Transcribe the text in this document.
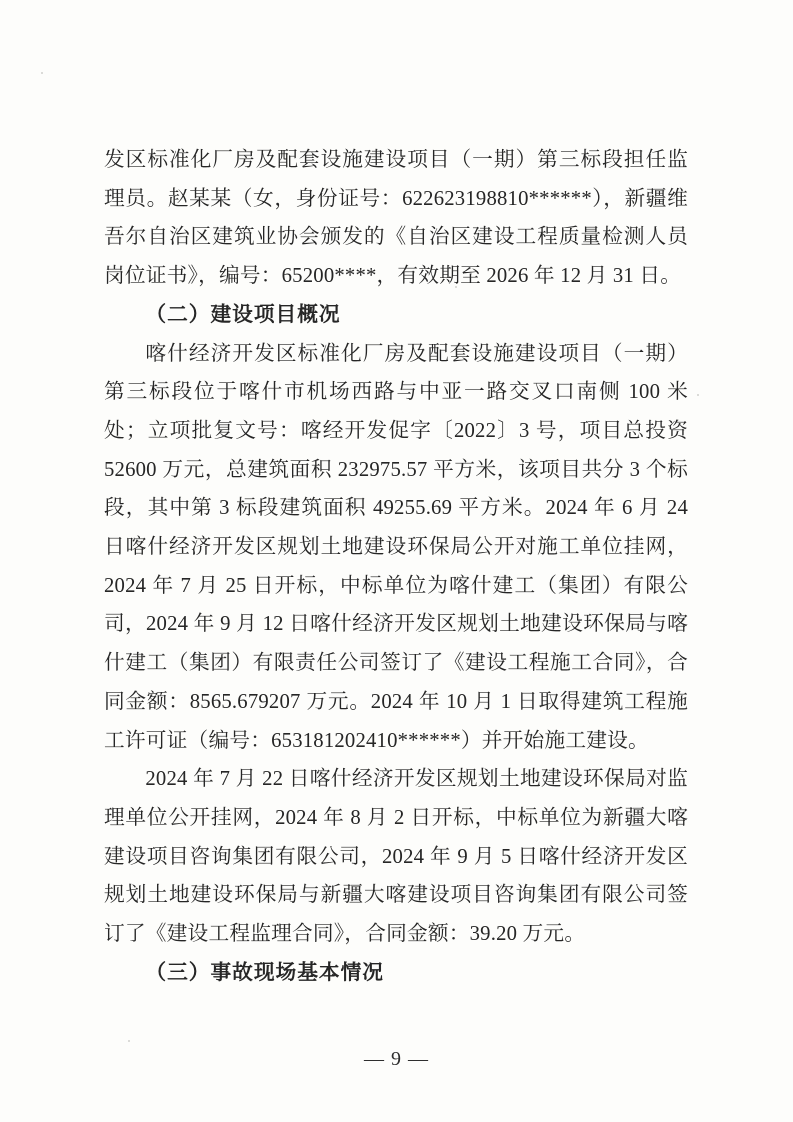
发区标准化厂房及配套设施建设项目（一期）第三标段担任监理员。赵某某（女，身份证号：622623198810******），新疆维吾尔自治区建筑业协会颁发的《自治区建设工程质量检测人员岗位证书》，编号：65200****，有效期至 2026 年 12 月 31 日。

（二）建设项目概况

喀什经济开发区标准化厂房及配套设施建设项目（一期）第三标段位于喀什市机场西路与中亚一路交叉口南侧 100 米处；立项批复文号：喀经开发促字〔2022〕3 号，项目总投资 52600 万元，总建筑面积 232975.57 平方米，该项目共分 3 个标段，其中第 3 标段建筑面积 49255.69 平方米。2024 年 6 月 24 日喀什经济开发区规划土地建设环保局公开对施工单位挂网，2024 年 7 月 25 日开标，中标单位为喀什建工（集团）有限公司，2024 年 9 月 12 日喀什经济开发区规划土地建设环保局与喀什建工（集团）有限责任公司签订了《建设工程施工合同》，合同金额：8565.679207 万元。2024 年 10 月 1 日取得建筑工程施工许可证（编号：653181202410******）并开始施工建设。

2024 年 7 月 22 日喀什经济开发区规划土地建设环保局对监理单位公开挂网，2024 年 8 月 2 日开标，中标单位为新疆大喀建设项目咨询集团有限公司，2024 年 9 月 5 日喀什经济开发区规划土地建设环保局与新疆大喀建设项目咨询集团有限公司签订了《建设工程监理合同》，合同金额：39.20 万元。

（三）事故现场基本情况

— 9 —
